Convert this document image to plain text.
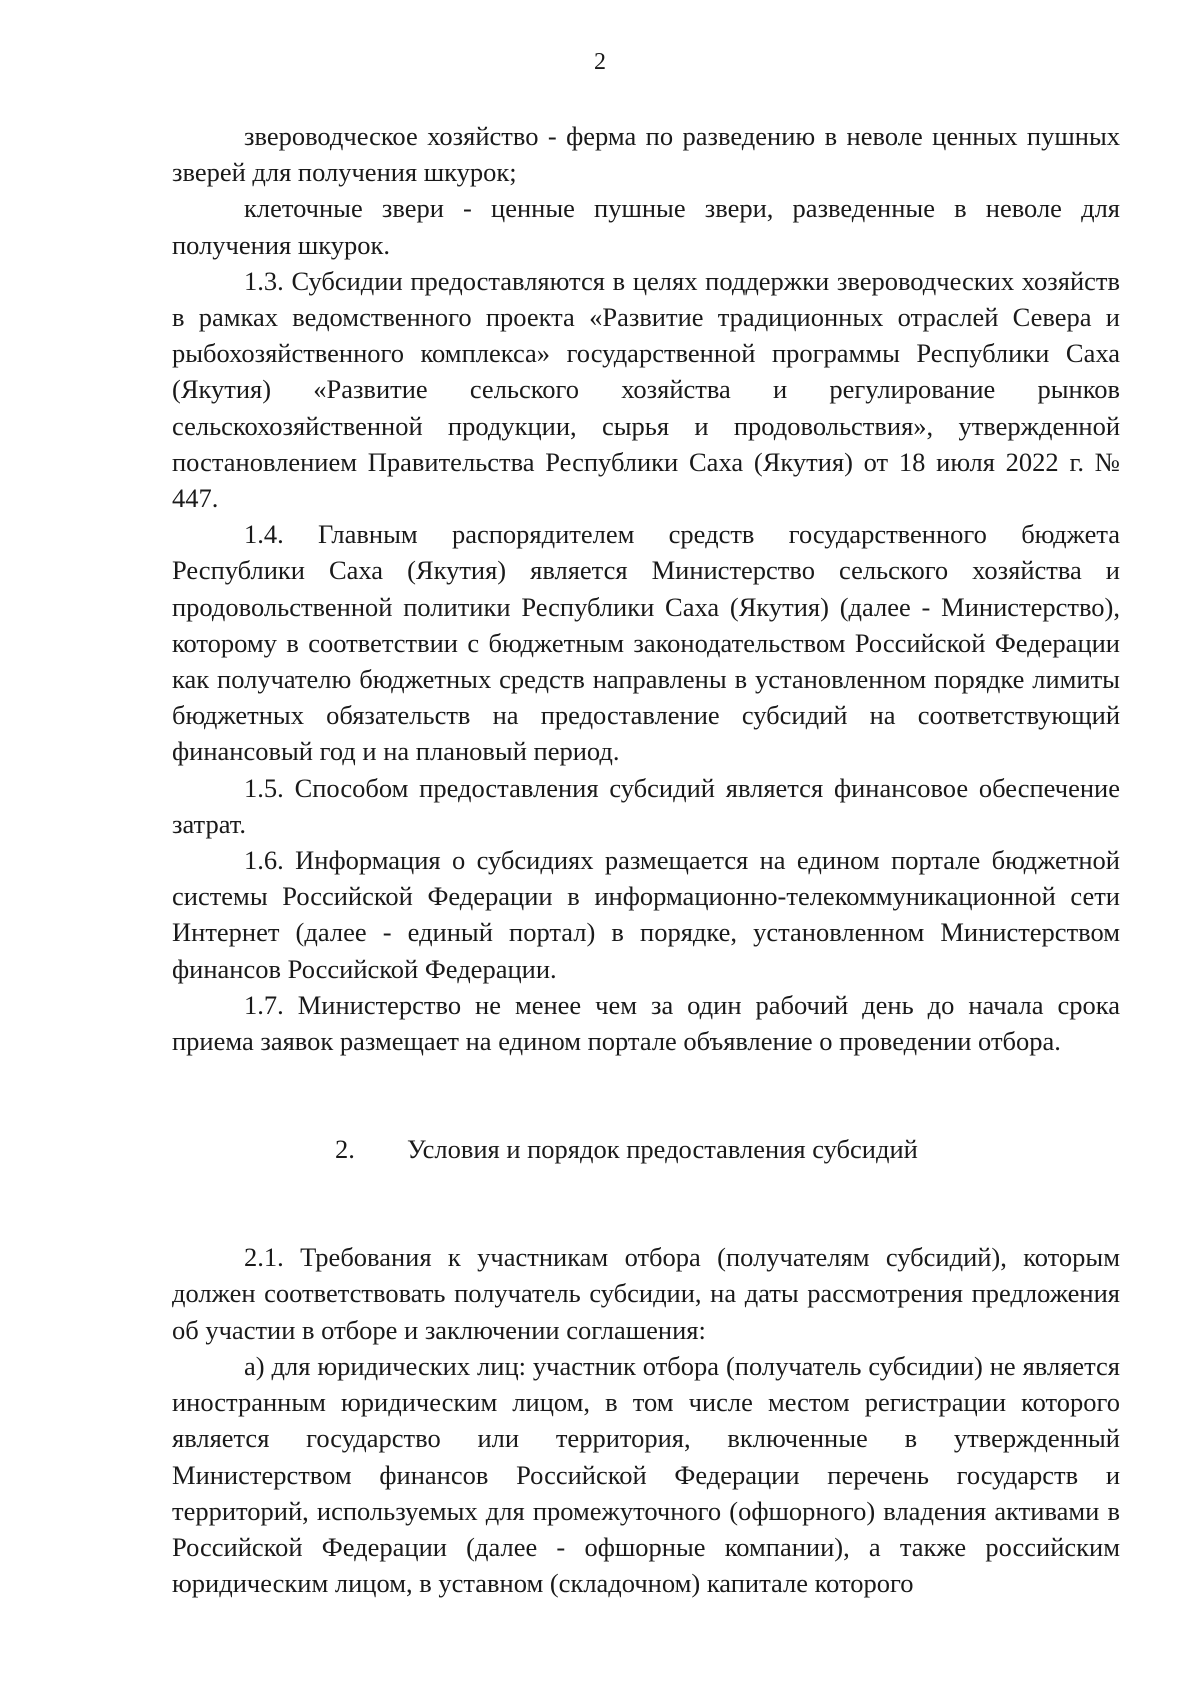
2

звероводческое хозяйство - ферма по разведению в неволе ценных пушных зверей для получения шкурок;

клеточные звери - ценные пушные звери, разведенные в неволе для получения шкурок.

1.3. Субсидии предоставляются в целях поддержки звероводческих хозяйств в рамках ведомственного проекта «Развитие традиционных отраслей Севера и рыбохозяйственного комплекса» государственной программы Республики Саха (Якутия) «Развитие сельского хозяйства и регулирование рынков сельскохозяйственной продукции, сырья и продовольствия», утвержденной постановлением Правительства Республики Саха (Якутия) от 18 июля 2022 г. № 447.

1.4. Главным распорядителем средств государственного бюджета Республики Саха (Якутия) является Министерство сельского хозяйства и продовольственной политики Республики Саха (Якутия) (далее - Министерство), которому в соответствии с бюджетным законодательством Российской Федерации как получателю бюджетных средств направлены в установленном порядке лимиты бюджетных обязательств на предоставление субсидий на соответствующий финансовый год и на плановый период.

1.5. Способом предоставления субсидий является финансовое обеспечение затрат.

1.6. Информация о субсидиях размещается на едином портале бюджетной системы Российской Федерации в информационно-телекоммуникационной сети Интернет (далее - единый портал) в порядке, установленном Министерством финансов Российской Федерации.

1.7. Министерство не менее чем за один рабочий день до начала срока приема заявок размещает на едином портале объявление о проведении отбора.

2. Условия и порядок предоставления субсидий

2.1. Требования к участникам отбора (получателям субсидий), которым должен соответствовать получатель субсидии, на даты рассмотрения предложения об участии в отборе и заключении соглашения:

а) для юридических лиц: участник отбора (получатель субсидии) не является иностранным юридическим лицом, в том числе местом регистрации которого является государство или территория, включенные в утвержденный Министерством финансов Российской Федерации перечень государств и территорий, используемых для промежуточного (офшорного) владения активами в Российской Федерации (далее - офшорные компании), а также российским юридическим лицом, в уставном (складочном) капитале которого
